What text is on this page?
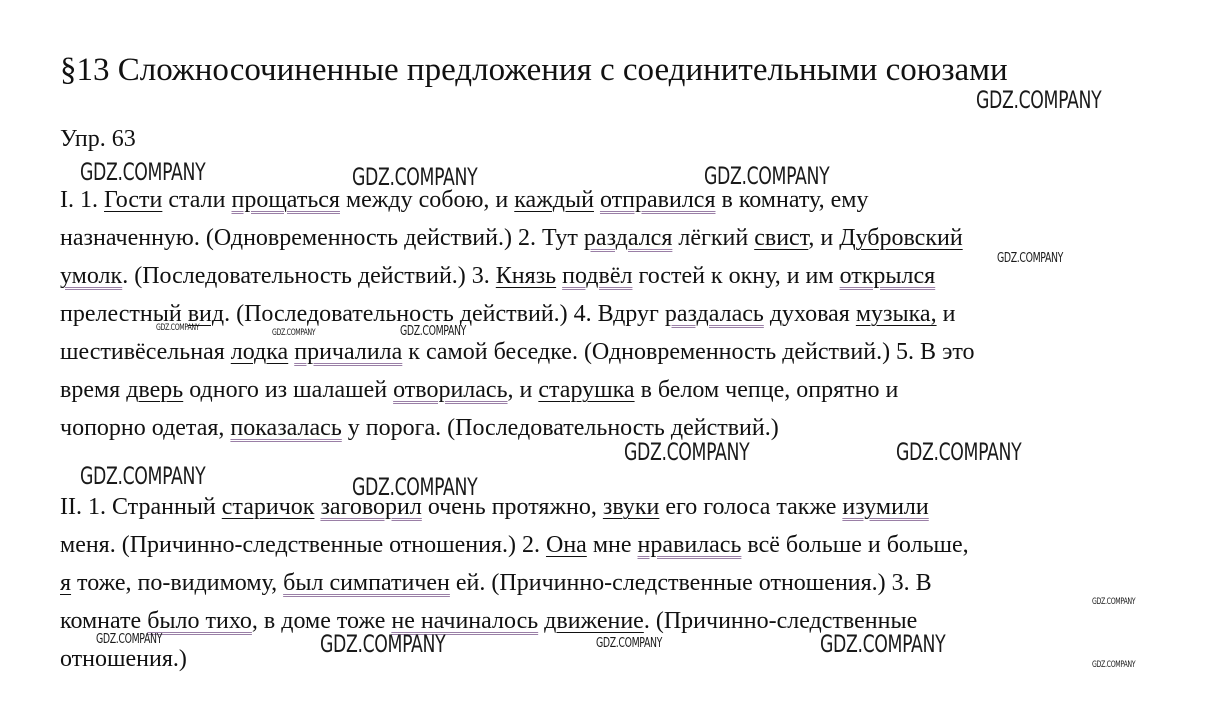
§13 Сложносочиненные предложения с соединительными союзами
Упр. 63
I. 1. Гости стали прощаться между собою, и каждый отправился в комнату, ему
назначенную. (Одновременность действий.) 2. Тут раздался лёгкий свист, и Дубровский
умолк. (Последовательность действий.) 3. Князь подвёл гостей к окну, и им открылся
прелестный вид. (Последовательность действий.) 4. Вдруг раздалась духовая музыка, и
шестивёсельная лодка причалила к самой беседке. (Одновременность действий.) 5. В это
время дверь одного из шалашей отворилась, и старушка в белом чепце, опрятно и
чопорно одетая, показалась у порога. (Последовательность действий.)
II. 1. Странный старичок заговорил очень протяжно, звуки его голоса также изумили
меня. (Причинно-следственные отношения.) 2. Она мне нравилась всё больше и больше,
я тоже, по-видимому, был симпатичен ей. (Причинно-следственные отношения.) 3. В
комнате было тихо, в доме тоже не начиналось движение. (Причинно-следственные
отношения.)
GDZ.COMPANY
GDZ.COMPANY	GDZ.COMPANY	GDZ.COMPANY
GDZ.COMPANY
GDZ.COMPANY	GDZ.COMPANY	GDZ.COMPANY
GDZ.COMPANY	GDZ.COMPANY
GDZ.COMPANY	GDZ.COMPANY
GDZ.COMPANY
GDZ.COMPANY	GDZ.COMPANY	GDZ.COMPANY	GDZ.COMPANY
GDZ.COMPANY
